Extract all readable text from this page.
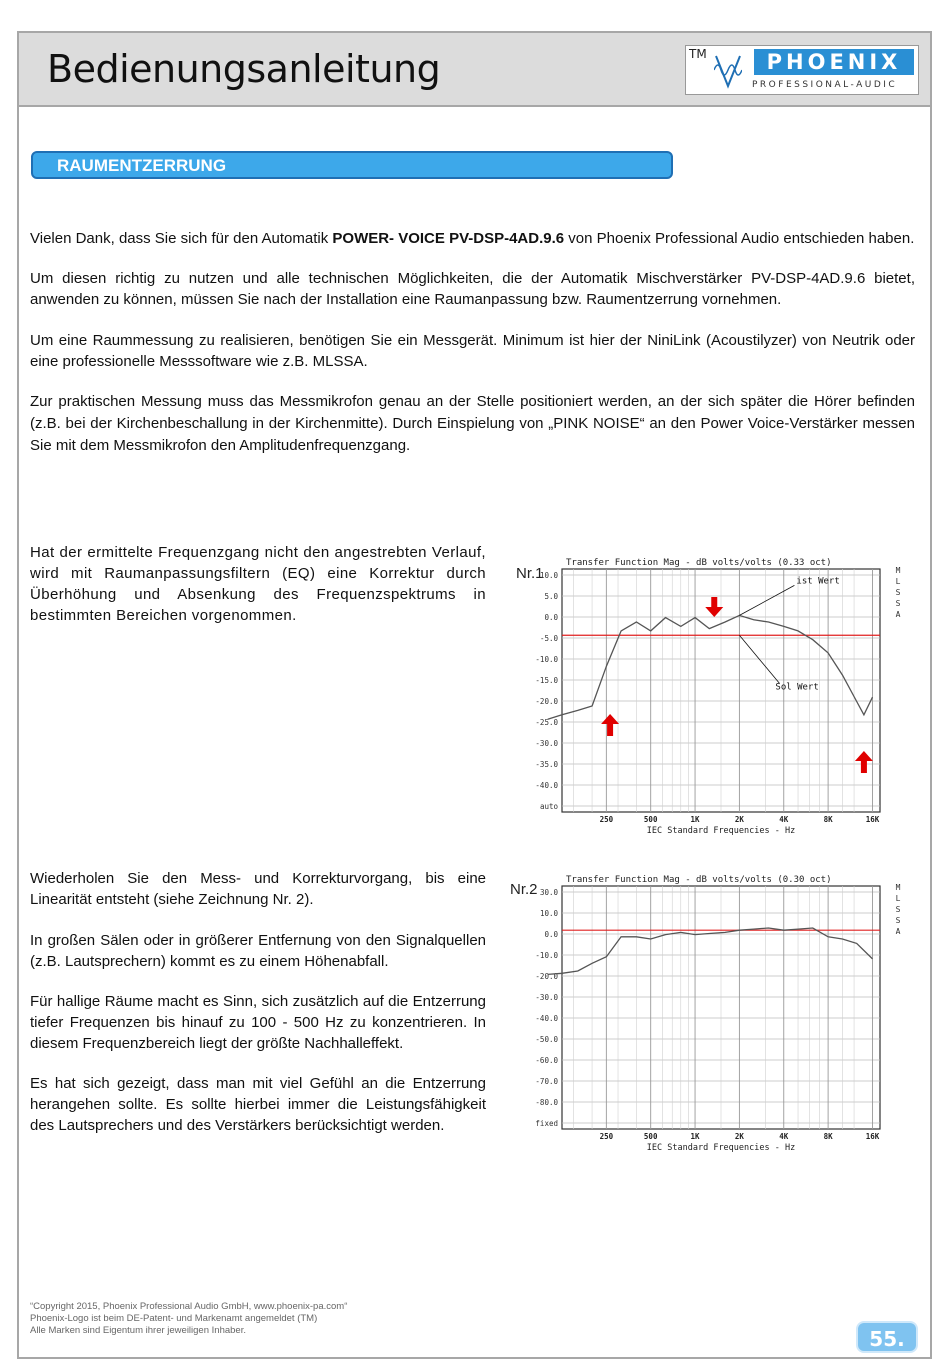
Bedienungsanleitung	TM	PHOENIX
PROFESSIONAL-AUDIC
RAUMENTZERRUNG
Vielen Dank, dass Sie sich für den Automatik POWER- VOICE PV-DSP-4AD.9.6 von Phoenix Professional Audio entschieden haben.
Um diesen richtig zu nutzen und alle technischen Möglichkeiten, die der Automatik Mischverstärker PV-DSP-4AD.9.6 bietet, anwenden zu können, müssen Sie nach der Installation eine Raumanpassung bzw. Raumentzerrung vornehmen.
Um eine Raummessung zu realisieren, benötigen Sie ein Messgerät. Minimum ist hier der NiniLink (Acoustilyzer) von Neutrik oder eine professionelle Messsoftware wie z.B. MLSSA.
Zur praktischen Messung muss das Messmikrofon genau an der Stelle positioniert werden, an der sich später die Hörer befinden (z.B. bei der Kirchenbeschallung in der Kirchenmitte). Durch Einspielung von „PINK NOISE“ an den Power Voice-Verstärker messen Sie mit dem Messmikrofon den Amplitudenfrequenzgang.
Hat der ermittelte Frequenzgang nicht den angestrebten Verlauf, wird mit Raumanpassungsfiltern (EQ) eine Korrektur durch Überhöhung und Absenkung des Frequenzspektrums in bestimmten Bereichen vorgenommen.
Wiederholen Sie den Mess- und Korrekturvorgang, bis eine Linearität entsteht (siehe Zeichnung Nr. 2).
In großen Sälen oder in größerer Entfernung von den Signalquellen (z.B. Lautsprechern) kommt es zu einem Höhenabfall.
Für hallige Räume macht es Sinn, sich zusätzlich auf die Entzerrung tiefer Frequenzen bis hinauf zu 100 - 500 Hz zu konzentrieren. In diesem Frequenzbereich liegt der größte Nachhalleffekt.
Es hat sich gezeigt, dass man mit viel Gefühl an die Entzerrung herangehen sollte. Es sollte hierbei immer die Leistungsfähigkeit des Lautsprechers und des Verstärkers berücksichtigt werden.
Nr.1
Nr.2
Transfer Function Mag - dB volts/volts (0.33 oct)
10.0
5.0
0.0
-5.0
-10.0
-15.0
-20.0
-25.0
-30.0
-35.0
-40.0
auto
250	500	1K	2K	4K	8K	16K
IEC Standard Frequencies - Hz
M
L
S
S
A
ist Wert
Sol Wert
Transfer Function Mag - dB volts/volts (0.30 oct)
30.0
10.0
0.0
-10.0
-20.0
-30.0
-40.0
-50.0
-60.0
-70.0
-80.0
fixed
250	500	1K	2K	4K	8K	16K
IEC Standard Frequencies - Hz
M
L
S
S
A
“Copyright 2015, Phoenix Professional Audio GmbH, www.phoenix-pa.com“
Phoenix-Logo ist beim DE-Patent- und Markenamt angemeldet (TM)
Alle Marken sind Eigentum ihrer jeweiligen Inhaber.	55.
